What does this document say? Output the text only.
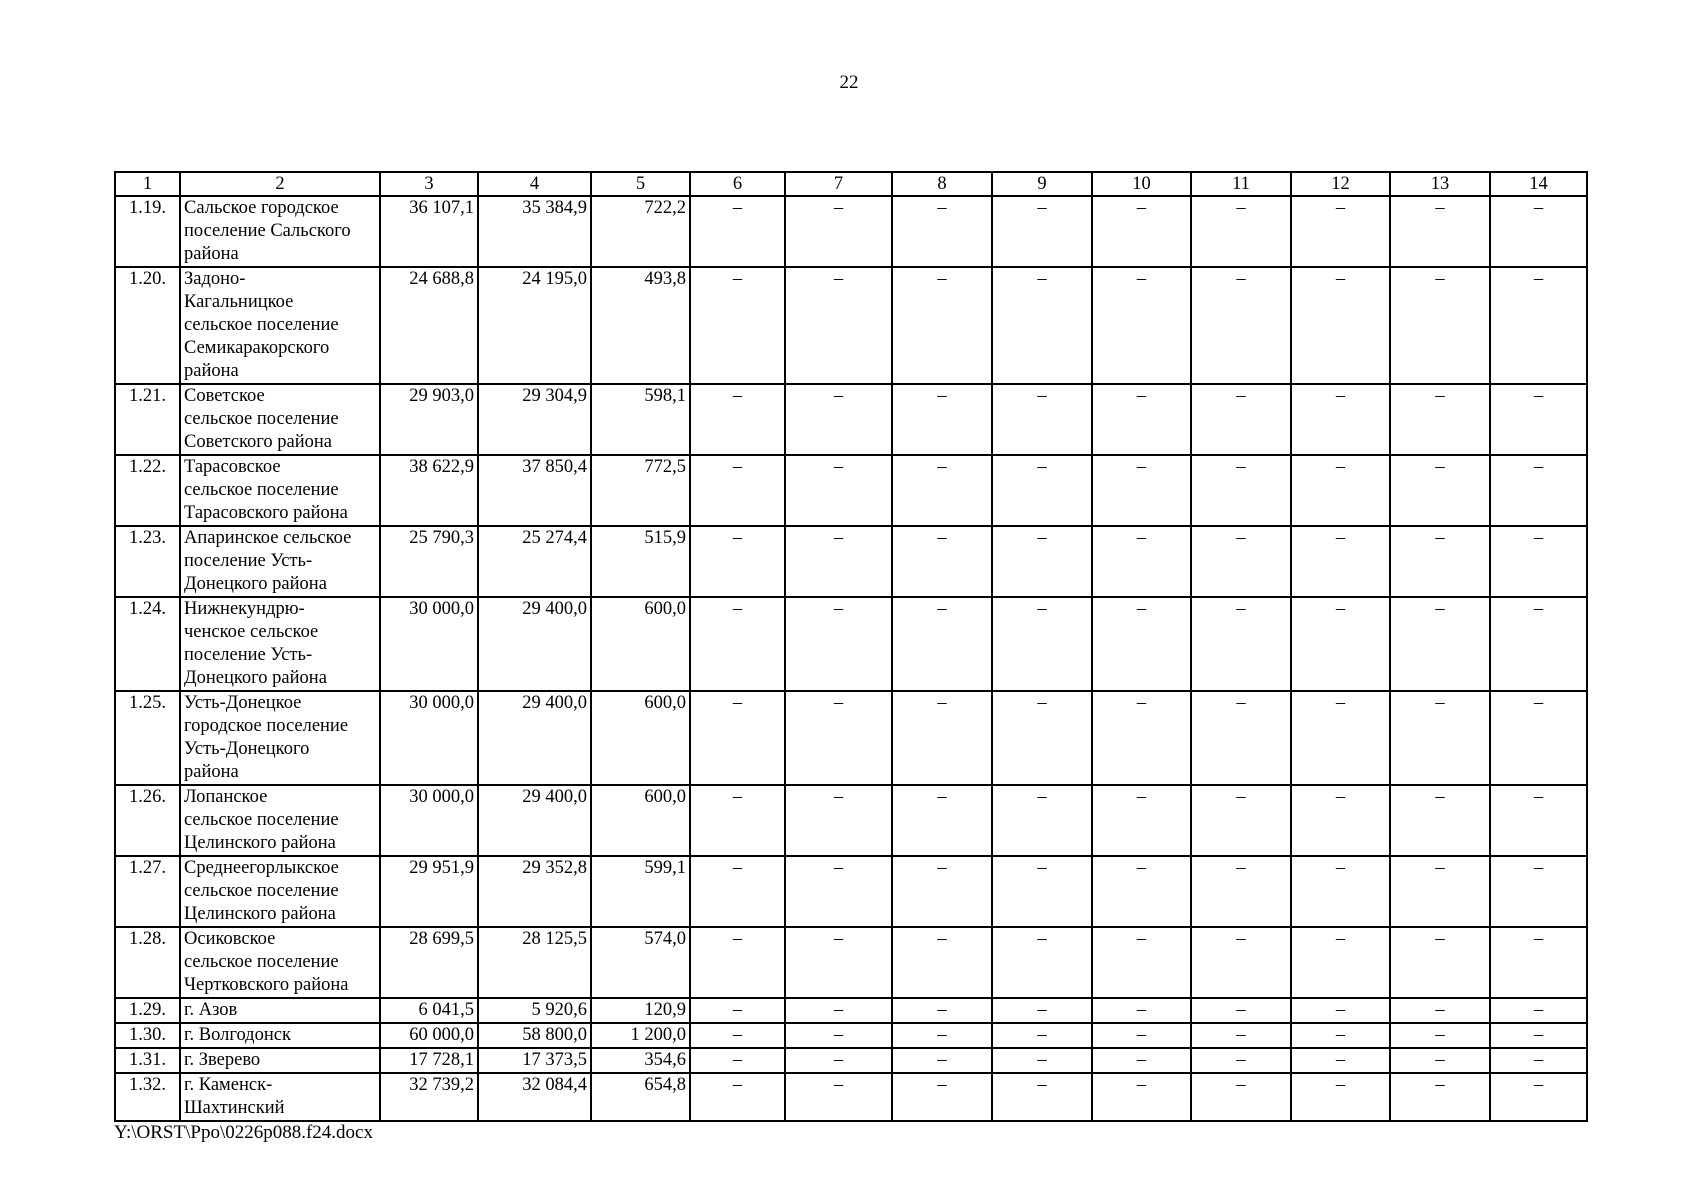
22
1	2	3	4	5	6	7	8	9	10	11	12	13	14
1.19.	Сальское городское
поселение Сальского
района	36 107,1	35 384,9	722,2	–	–	–	–	–	–	–	–	–
1.20.	Задоно-
Кагальницкое
сельское поселение
Семикаракорского
района	24 688,8	24 195,0	493,8	–	–	–	–	–	–	–	–	–
1.21.	Советское
сельское поселение
Советского района	29 903,0	29 304,9	598,1	–	–	–	–	–	–	–	–	–
1.22.	Тарасовское
сельское поселение
Тарасовского района	38 622,9	37 850,4	772,5	–	–	–	–	–	–	–	–	–
1.23.	Апаринское сельское
поселение Усть-
Донецкого района	25 790,3	25 274,4	515,9	–	–	–	–	–	–	–	–	–
1.24.	Нижнекундрю-
ченское сельское
поселение Усть-
Донецкого района	30 000,0	29 400,0	600,0	–	–	–	–	–	–	–	–	–
1.25.	Усть-Донецкое
городское поселение
Усть-Донецкого
района	30 000,0	29 400,0	600,0	–	–	–	–	–	–	–	–	–
1.26.	Лопанское
сельское поселение
Целинского района	30 000,0	29 400,0	600,0	–	–	–	–	–	–	–	–	–
1.27.	Среднеегорлыкское
сельское поселение
Целинского района	29 951,9	29 352,8	599,1	–	–	–	–	–	–	–	–	–
1.28.	Осиковское
сельское поселение
Чертковского района	28 699,5	28 125,5	574,0	–	–	–	–	–	–	–	–	–
1.29.	г. Азов	6 041,5	5 920,6	120,9	–	–	–	–	–	–	–	–	–
1.30.	г. Волгодонск	60 000,0	58 800,0	1 200,0	–	–	–	–	–	–	–	–	–
1.31.	г. Зверево	17 728,1	17 373,5	354,6	–	–	–	–	–	–	–	–	–
1.32.	г. Каменск-
Шахтинский	32 739,2	32 084,4	654,8	–	–	–	–	–	–	–	–	–
Y:\ORST\Ppo\0226p088.f24.docx
